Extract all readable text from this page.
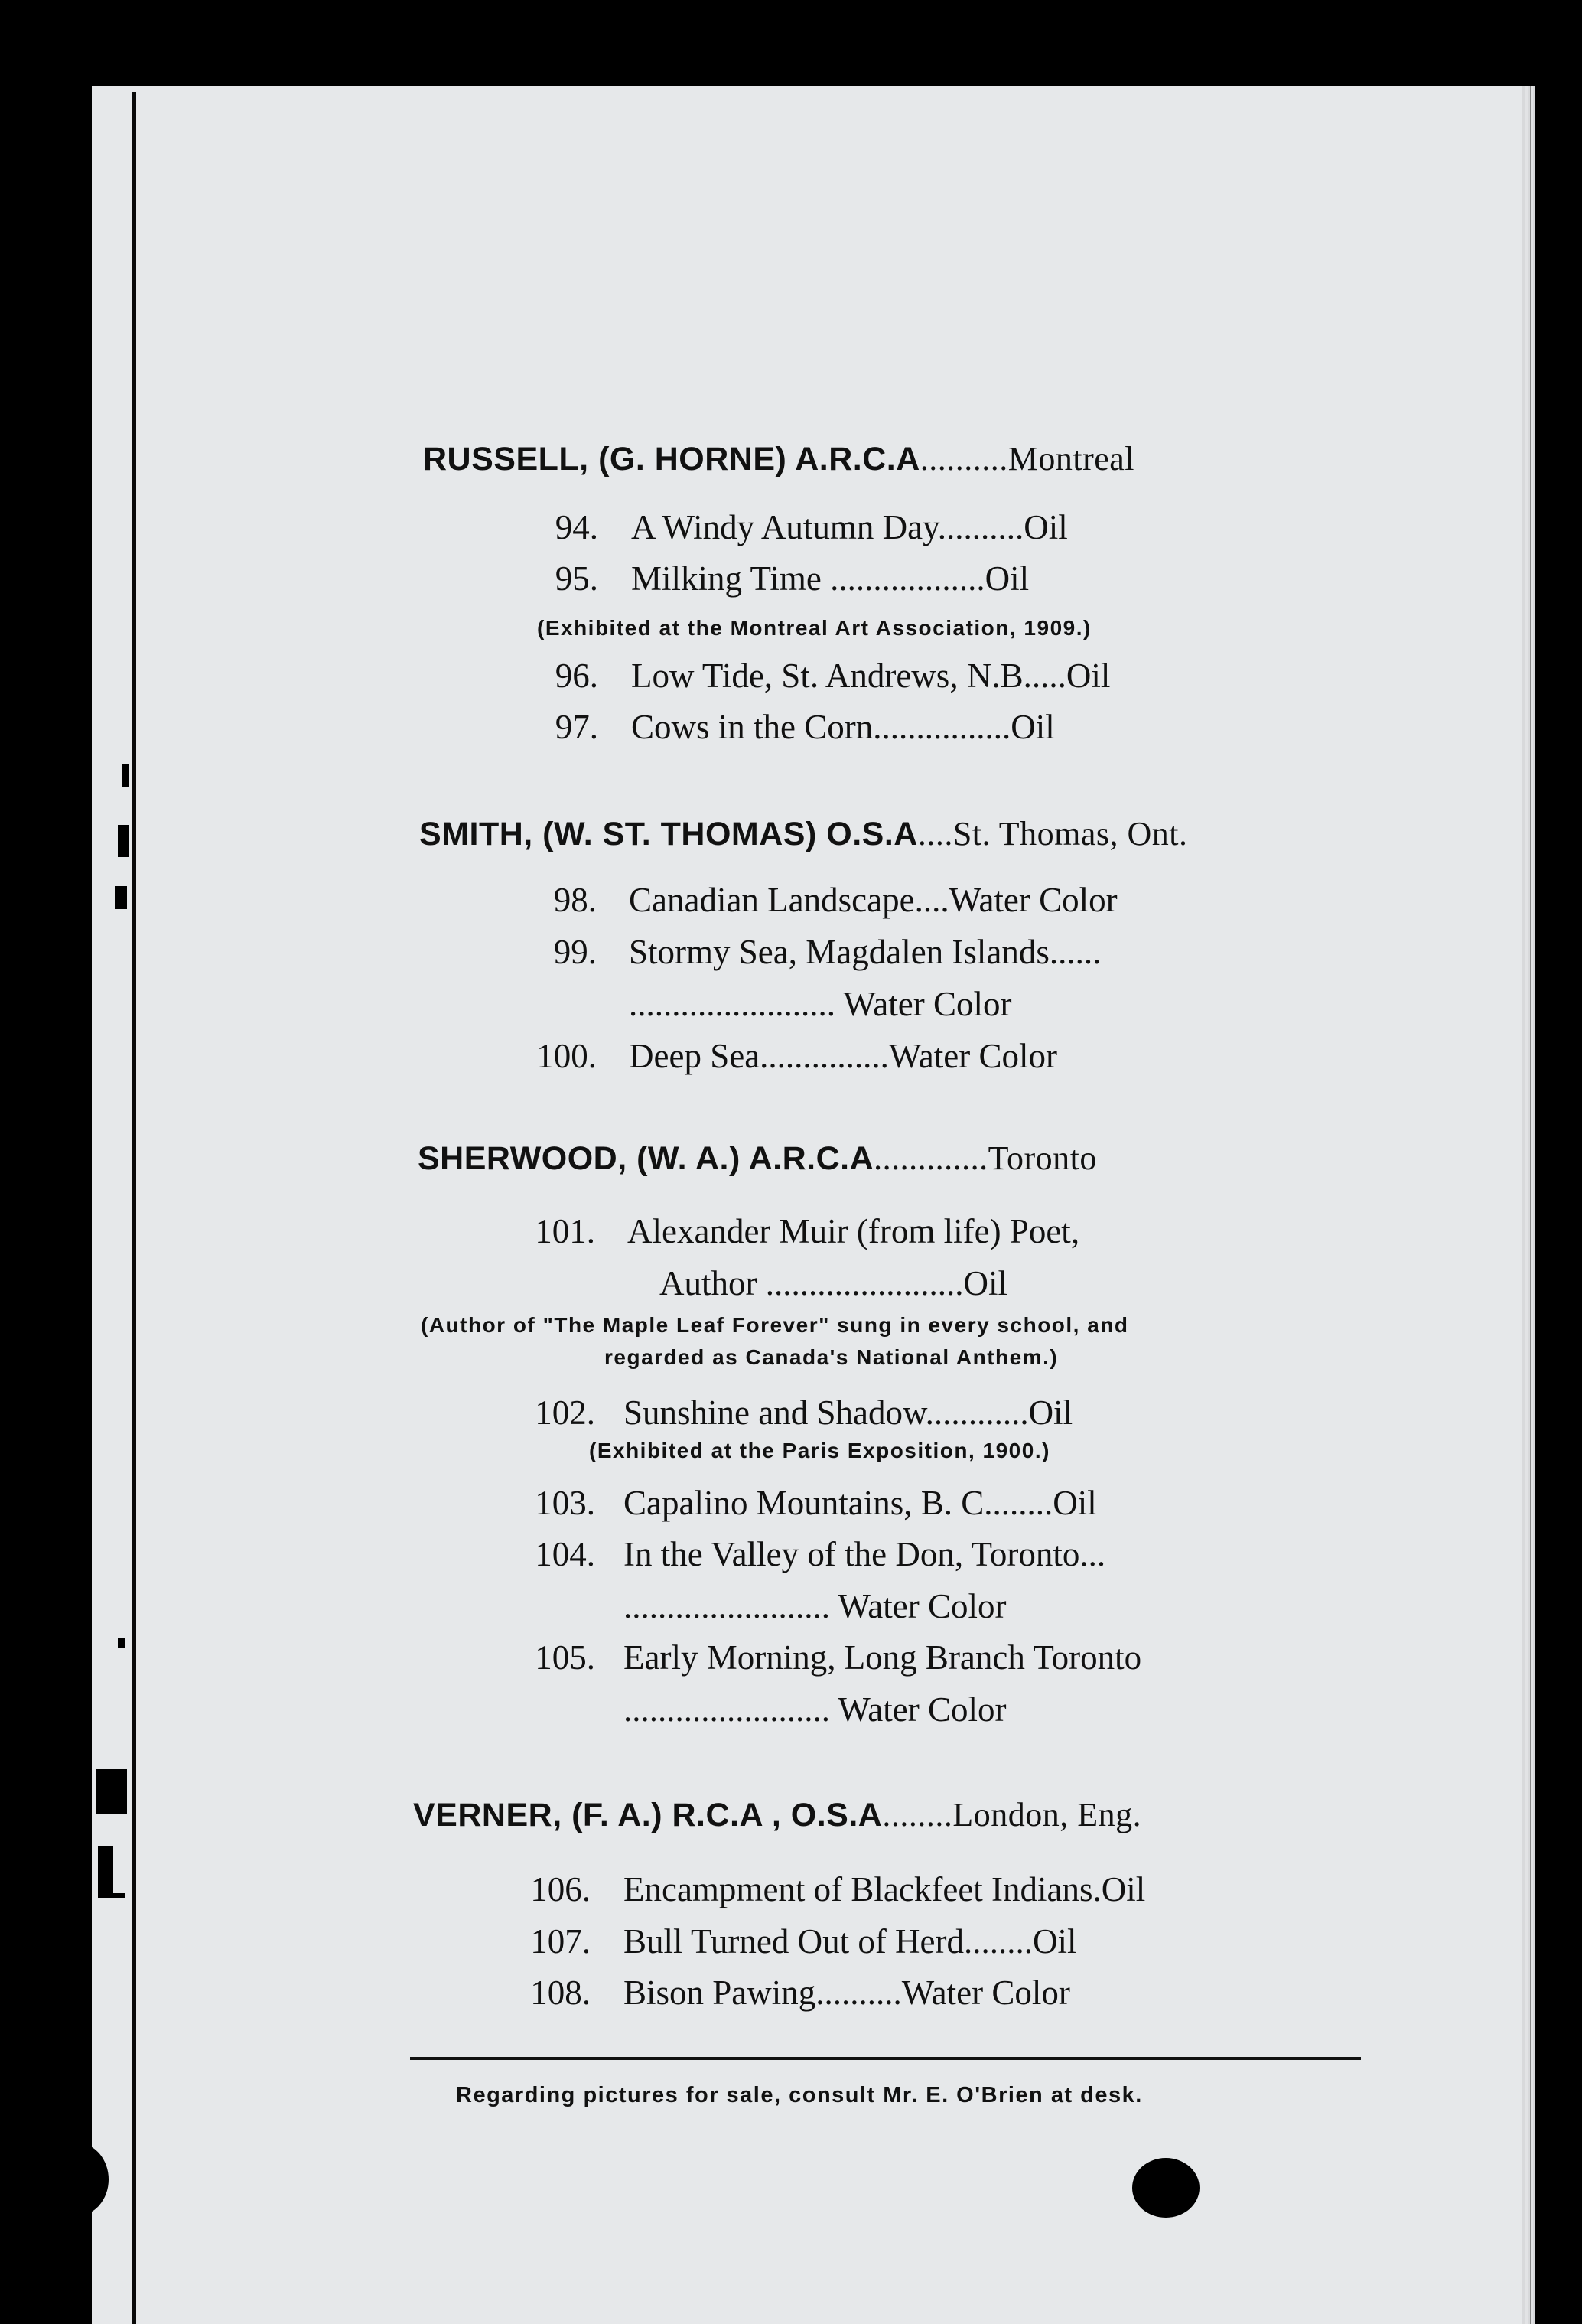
RUSSELL, (G. HORNE) A.R.C.A..........Montreal
94. A Windy Autumn Day..........Oil
95. Milking Time ..................Oil
(Exhibited at the Montreal Art Association, 1909.)
96. Low Tide, St. Andrews, N.B.....Oil
97. Cows in the Corn................Oil
SMITH, (W. ST. THOMAS) O.S.A....St. Thomas, Ont.
98. Canadian Landscape....Water Color
99. Stormy Sea, Magdalen Islands......
........................ Water Color
100. Deep Sea...............Water Color
SHERWOOD, (W. A.) A.R.C.A.............Toronto
101. Alexander Muir (from life) Poet,
Author .......................Oil
(Author of "The Maple Leaf Forever" sung in every school, and
regarded as Canada's National Anthem.)
102. Sunshine and Shadow............Oil
(Exhibited at the Paris Exposition, 1900.)
103. Capalino Mountains, B. C........Oil
104. In the Valley of the Don, Toronto...
........................ Water Color
105. Early Morning, Long Branch Toronto
........................ Water Color
VERNER, (F. A.) R.C.A , O.S.A........London, Eng.
106. Encampment of Blackfeet Indians.Oil
107. Bull Turned Out of Herd........Oil
108. Bison Pawing..........Water Color
Regarding pictures for sale, consult Mr. E. O'Brien at desk.
